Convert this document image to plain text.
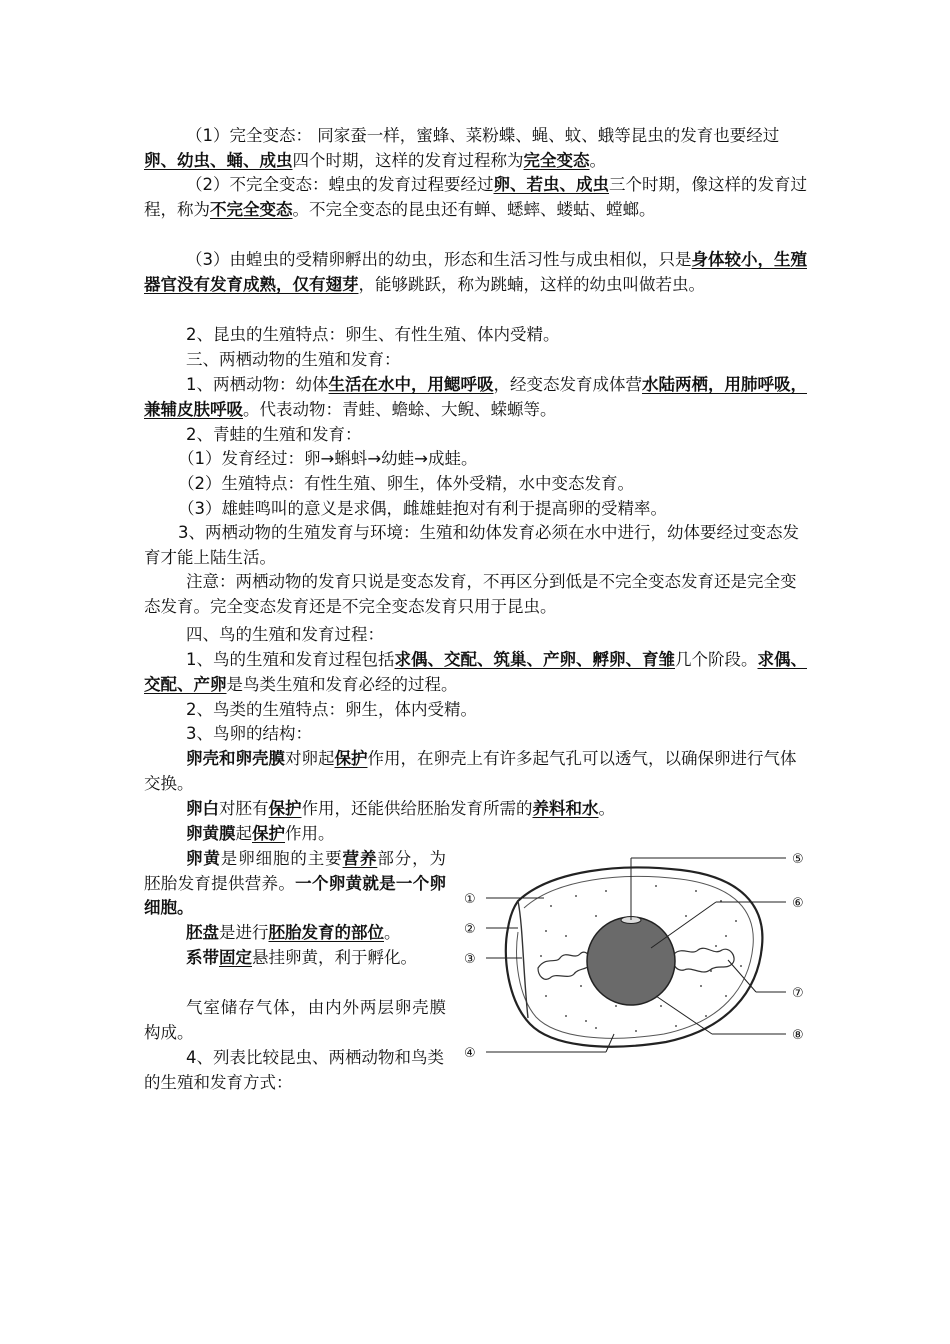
（1）完全变态： 同家蚕一样，蜜蜂、菜粉蝶、蝇、蚊、蛾等昆虫的发育也要经过卵、幼虫、蛹、成虫四个时期，这样的发育过程称为完全变态。

（2）不完全变态：蝗虫的发育过程要经过卵、若虫、成虫三个时期，像这样的发育过程，称为不完全变态。不完全变态的昆虫还有蝉、蟋蟀、蝼蛄、螳螂。

（3）由蝗虫的受精卵孵出的幼虫，形态和生活习性与成虫相似，只是身体较小，生殖器官没有发育成熟，仅有翅芽，能够跳跃，称为跳蝻，这样的幼虫叫做若虫。

2、昆虫的生殖特点：卵生、有性生殖、体内受精。

三、两栖动物的生殖和发育：

1、两栖动物：幼体生活在水中，用鳃呼吸，经变态发育成体营水陆两栖，用肺呼吸，兼辅皮肤呼吸。代表动物：青蛙、蟾蜍、大鲵、蝾螈等。

2、青蛙的生殖和发育：

（1）发育经过：卵→蝌蚪→幼蛙→成蛙。

（2）生殖特点：有性生殖、卵生，体外受精，水中变态发育。

（3）雄蛙鸣叫的意义是求偶，雌雄蛙抱对有利于提高卵的受精率。

3、两栖动物的生殖发育与环境：生殖和幼体发育必须在水中进行，幼体要经过变态发育才能上陆生活。

注意：两栖动物的发育只说是变态发育，不再区分到低是不完全变态发育还是完全变态发育。完全变态发育还是不完全变态发育只用于昆虫。

四、鸟的生殖和发育过程：

1、鸟的生殖和发育过程包括求偶、交配、筑巢、产卵、孵卵、育雏几个阶段。求偶、交配、产卵是鸟类生殖和发育必经的过程。

2、鸟类的生殖特点：卵生，体内受精。

3、鸟卵的结构：

卵壳和卵壳膜对卵起保护作用，在卵壳上有许多起气孔可以透气，以确保卵进行气体交换。

卵白对胚有保护作用，还能供给胚胎发育所需的养料和水。

卵黄膜起保护作用。

卵黄是卵细胞的主要营养部分，为胚胎发育提供营养。一个卵黄就是一个卵细胞。

胚盘是进行胚胎发育的部位。

系带固定悬挂卵黄，利于孵化。

气室储存气体，由内外两层卵壳膜构成。

4、列表比较昆虫、两栖动物和鸟类的生殖和发育方式：

①
②
③
④
⑤
⑥
⑦
⑧
